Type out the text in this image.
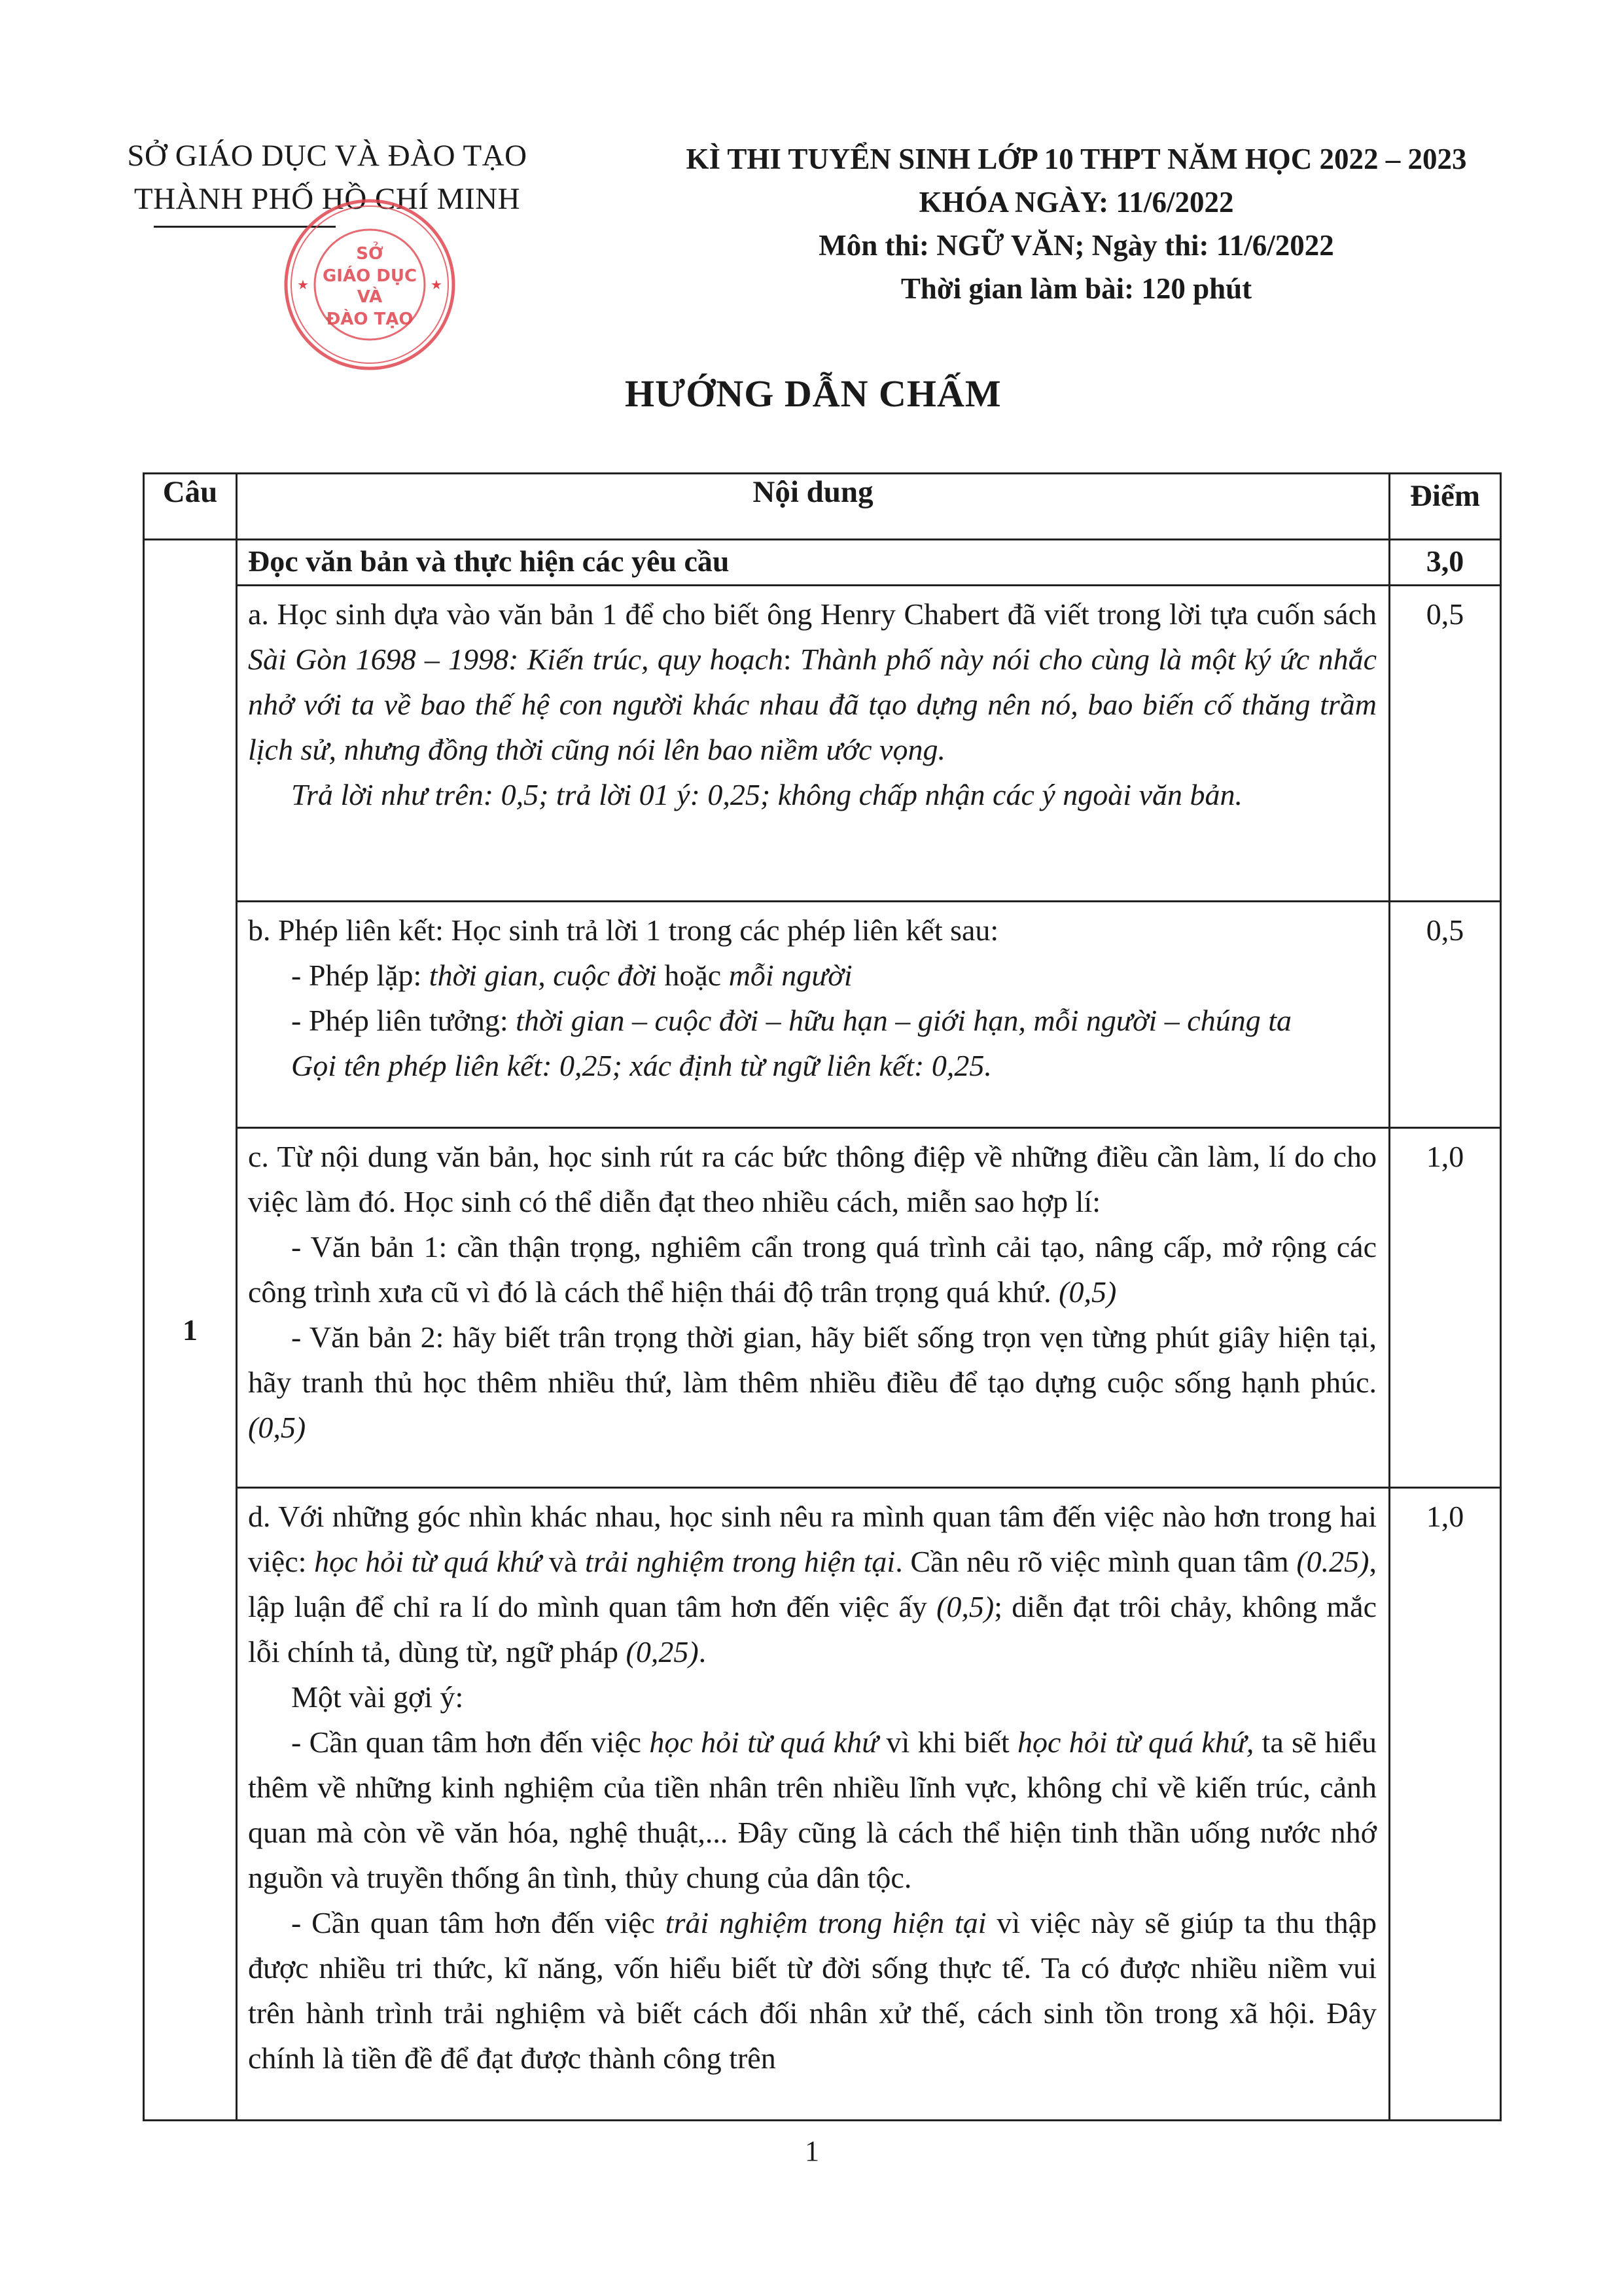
SỞ GIÁO DỤC VÀ ĐÀO TẠO
THÀNH PHỐ HỒ CHÍ MINH
★	★
SỞ
GIÁO DỤC
VÀ
ĐÀO TẠO
KÌ THI TUYỂN SINH LỚP 10 THPT NĂM HỌC 2022 – 2023
KHÓA NGÀY: 11/6/2022
Môn thi: NGỮ VĂN; Ngày thi: 11/6/2022
Thời gian làm bài: 120 phút
HƯỚNG DẪN CHẤM
Câu	Nội dung	Điểm
1	Đọc văn bản và thực hiện các yêu cầu	3,0

	a. Học sinh dựa vào văn bản 1 để cho biết ông Henry Chabert đã viết trong lời tựa cuốn sách Sài Gòn 1698 – 1998: Kiến trúc, quy hoạch: Thành phố này nói cho cùng là một ký ức nhắc nhở với ta về bao thế hệ con người khác nhau đã tạo dựng nên nó, bao biến cố thăng trầm lịch sử, nhưng đồng thời cũng nói lên bao niềm ước vọng.

Trả lời như trên: 0,5; trả lời 01 ý: 0,25; không chấp nhận các ý ngoài văn bản.	0,5

	b. Phép liên kết: Học sinh trả lời 1 trong các phép liên kết sau:

- Phép lặp: thời gian, cuộc đời hoặc mỗi người

- Phép liên tưởng: thời gian – cuộc đời – hữu hạn – giới hạn, mỗi người – chúng ta

Gọi tên phép liên kết: 0,25; xác định từ ngữ liên kết: 0,25.	0,5

	c. Từ nội dung văn bản, học sinh rút ra các bức thông điệp về những điều cần làm, lí do cho việc làm đó. Học sinh có thể diễn đạt theo nhiều cách, miễn sao hợp lí:

- Văn bản 1: cần thận trọng, nghiêm cẩn trong quá trình cải tạo, nâng cấp, mở rộng các công trình xưa cũ vì đó là cách thể hiện thái độ trân trọng quá khứ. (0,5)

- Văn bản 2: hãy biết trân trọng thời gian, hãy biết sống trọn vẹn từng phút giây hiện tại, hãy tranh thủ học thêm nhiều thứ, làm thêm nhiều điều để tạo dựng cuộc sống hạnh phúc. (0,5)	1,0

	d. Với những góc nhìn khác nhau, học sinh nêu ra mình quan tâm đến việc nào hơn trong hai việc: học hỏi từ quá khứ và trải nghiệm trong hiện tại. Cần nêu rõ việc mình quan tâm (0.25), lập luận để chỉ ra lí do mình quan tâm hơn đến việc ấy (0,5); diễn đạt trôi chảy, không mắc lỗi chính tả, dùng từ, ngữ pháp (0,25).

Một vài gợi ý:

- Cần quan tâm hơn đến việc học hỏi từ quá khứ vì khi biết học hỏi từ quá khứ, ta sẽ hiểu thêm về những kinh nghiệm của tiền nhân trên nhiều lĩnh vực, không chỉ về kiến trúc, cảnh quan mà còn về văn hóa, nghệ thuật,... Đây cũng là cách thể hiện tinh thần uống nước nhớ nguồn và truyền thống ân tình, thủy chung của dân tộc.

- Cần quan tâm hơn đến việc trải nghiệm trong hiện tại vì việc này sẽ giúp ta thu thập được nhiều tri thức, kĩ năng, vốn hiểu biết từ đời sống thực tế. Ta có được nhiều niềm vui trên hành trình trải nghiệm và biết cách đối nhân xử thế, cách sinh tồn trong xã hội. Đây chính là tiền đề để đạt được thành công trên	1,0
1
